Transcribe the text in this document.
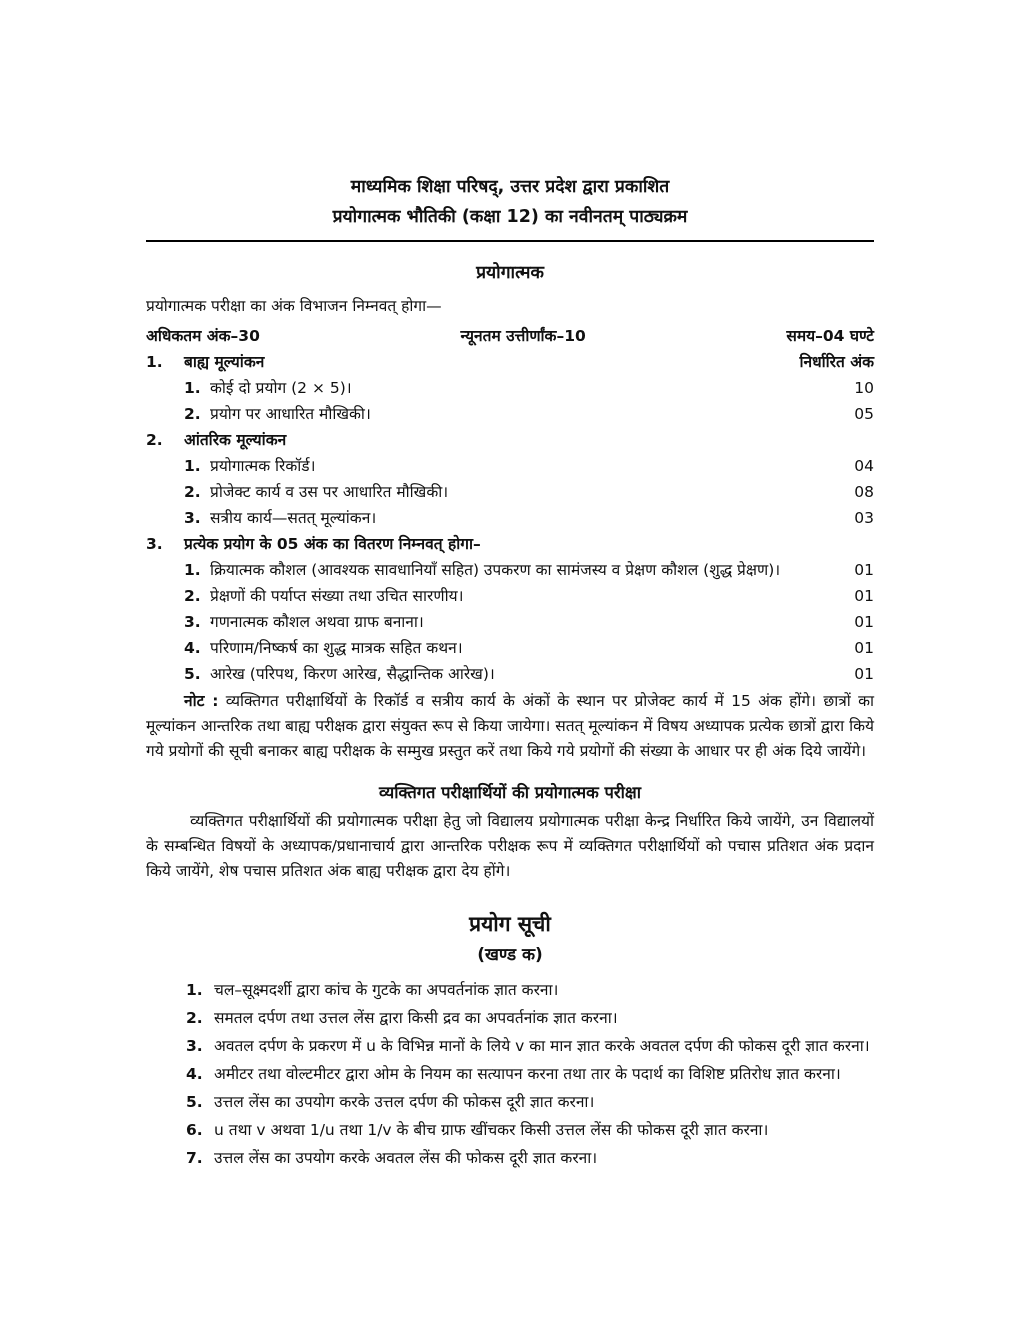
माध्यमिक शिक्षा परिषद्, उत्तर प्रदेश द्वारा प्रकाशित
प्रयोगात्मक भौतिकी (कक्षा 12) का नवीनतम् पाठ्यक्रम
प्रयोगात्मक
प्रयोगात्मक परीक्षा का अंक विभाजन निम्नवत् होगा—
अधिकतम अंक–30	न्यूनतम उत्तीर्णांक–10	समय–04 घण्टे
1. बाह्य मूल्यांकन	निर्धारित अंक
1. कोई दो प्रयोग (2 × 5)।	10
2. प्रयोग पर आधारित मौखिकी।	05
2. आंतरिक मूल्यांकन
1. प्रयोगात्मक रिकॉर्ड।	04
2. प्रोजेक्ट कार्य व उस पर आधारित मौखिकी।	08
3. सत्रीय कार्य—सतत् मूल्यांकन।	03
3. प्रत्येक प्रयोग के 05 अंक का वितरण निम्नवत् होगा–
1. क्रियात्मक कौशल (आवश्यक सावधानियाँ सहित) उपकरण का सामंजस्य व प्रेक्षण कौशल (शुद्ध प्रेक्षण)।	01
2. प्रेक्षणों की पर्याप्त संख्या तथा उचित सारणीय।	01
3. गणनात्मक कौशल अथवा ग्राफ बनाना।	01
4. परिणाम/निष्कर्ष का शुद्ध मात्रक सहित कथन।	01
5. आरेख (परिपथ, किरण आरेख, सैद्धान्तिक आरेख)।	01

नोट : व्यक्तिगत परीक्षार्थियों के रिकॉर्ड व सत्रीय कार्य के अंकों के स्थान पर प्रोजेक्ट कार्य में 15 अंक होंगे। छात्रों का मूल्यांकन आन्तरिक तथा बाह्य परीक्षक द्वारा संयुक्त रूप से किया जायेगा। सतत् मूल्यांकन में विषय अध्यापक प्रत्येक छात्रों द्वारा किये गये प्रयोगों की सूची बनाकर बाह्य परीक्षक के सम्मुख प्रस्तुत करें तथा किये गये प्रयोगों की संख्या के आधार पर ही अंक दिये जायेंगे।

व्यक्तिगत परीक्षार्थियों की प्रयोगात्मक परीक्षा

व्यक्तिगत परीक्षार्थियों की प्रयोगात्मक परीक्षा हेतु जो विद्यालय प्रयोगात्मक परीक्षा केन्द्र निर्धारित किये जायेंगे, उन विद्यालयों के सम्बन्धित विषयों के अध्यापक/प्रधानाचार्य द्वारा आन्तरिक परीक्षक रूप में व्यक्तिगत परीक्षार्थियों को पचास प्रतिशत अंक प्रदान किये जायेंगे, शेष पचास प्रतिशत अंक बाह्य परीक्षक द्वारा देय होंगे।

प्रयोग सूची
(खण्ड क)
1. चल–सूक्ष्मदर्शी द्वारा कांच के गुटके का अपवर्तनांक ज्ञात करना।
2. समतल दर्पण तथा उत्तल लेंस द्वारा किसी द्रव का अपवर्तनांक ज्ञात करना।
3. अवतल दर्पण के प्रकरण में u के विभिन्न मानों के लिये v का मान ज्ञात करके अवतल दर्पण की फोकस दूरी ज्ञात करना।
4. अमीटर तथा वोल्टमीटर द्वारा ओम के नियम का सत्यापन करना तथा तार के पदार्थ का विशिष्ट प्रतिरोध ज्ञात करना।
5. उत्तल लेंस का उपयोग करके उत्तल दर्पण की फोकस दूरी ज्ञात करना।
6. u तथा v अथवा 1/u तथा 1/v के बीच ग्राफ खींचकर किसी उत्तल लेंस की फोकस दूरी ज्ञात करना।
7. उत्तल लेंस का उपयोग करके अवतल लेंस की फोकस दूरी ज्ञात करना।
